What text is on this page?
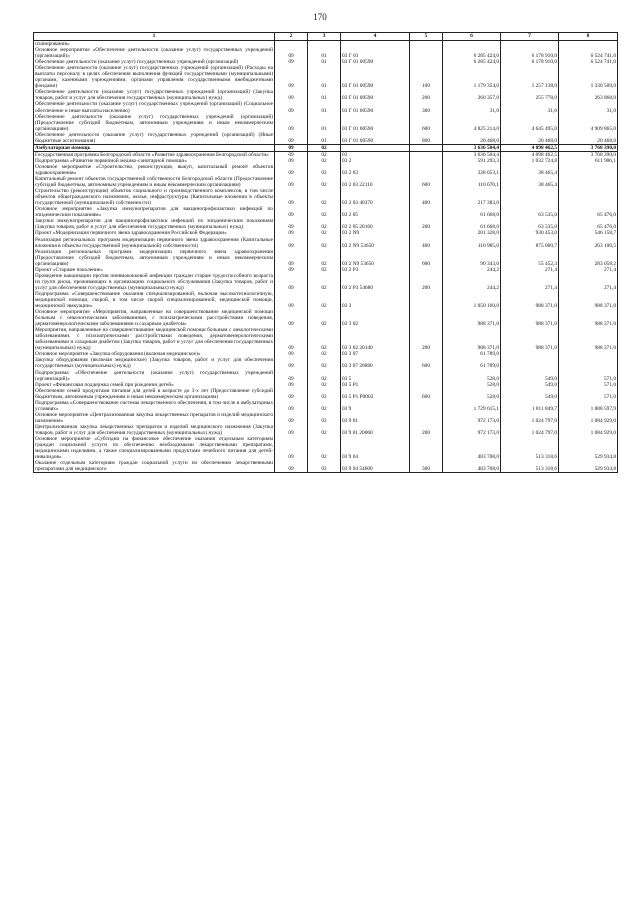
170
1	2	3	4	5	6	7	8
планирования»							
Основное мероприятие «Обеспечение деятельности (оказание услуг) государственных учреждений (организаций)»	09	01	03 Г 01		6 285 424,0	6 178 910,0	6 524 741,0
Обеспечение деятельности (оказание услуг) государственных учреждений (организаций)	09	01	03 Г 01 00590		6 285 424,0	6 178 910,0	6 524 741,0
Обеспечение деятельности (оказание услуг) государственных учреждений (организаций) (Расходы на выплаты персоналу в целях обеспечения выполнения функций государственными (муниципальными) органами, казенными учреждениями, органами управления государственными внебюджетными фондами)	09	01	03 Г 01 00590	100	1 179 354,0	1 257 138,0	1 330 509,0
Обеспечение деятельности (оказание услуг) государственных учреждений (организаций) (Закупка товаров, работ и услуг для обеспечения государственных (муниципальных) нужд)	09	01	03 Г 01 00590	200	260 357,0	255 778,0	263 868,0
Обеспечение деятельности (оказание услуг) государственных учреждений (организаций) (Социальное обеспечение и иные выплаты населению)	09	01	03 Г 01 00590	300	31,0	31,0	31,0
Обеспечение деятельности (оказание услуг) государственных учреждений (организаций) (Предоставление субсидий бюджетным, автономным учреждениям и иным некоммерческим организациям)	09	01	03 Г 01 00590	600	4 825 214,0	4 645 495,0	4 909 865,0
Обеспечение деятельности (оказание услуг) государственных учреждений (организаций) (Иные бюджетные ассигнования)	09	01	03 Г 01 00590	800	20 468,0	20 468,0	20 468,0
Амбулаторная помощь	09	02			3 636 504,4	4 098 462,5	3 768 390,0
Государственная программа Белгородской области «Развитие здравоохранения Белгородской области»	09	02	03		3 636 504,4	4 098 462,5	3 768 390,0
Подпрограмма «Развитие первичной медико-санитарной помощи»	09	02	03 2		591 293,3	1 032 724,8	611 906,1
Основное мероприятие «Строительство, реконструкция, выкуп, капитальный ремонт объектов здравоохранения»	09	02	03 2 03		328 053,1	38 465,4	
Капитальный ремонт объектов государственной собственности Белгородской области (Предоставление субсидий бюджетным, автономным учреждениям и иным некоммерческим организациям)	09	02	03 2 03 22110	600	110 670,1	38 465,4	
Строительство (реконструкция) объектов социального и производственного комплексов, в том числе объектов общегражданского назначения, жилья, инфраструктуры (Капитальные вложения в объекты государственной (муниципальной) собственности)	09	02	03 2 03 40370	400	217 383,0		
Основное мероприятие «Закупка иммунопрепаратов для вакцинопрофилактики инфекций по эпидемическим показаниям»	09	02	03 2 05		61 668,0	63 535,0	65 476,0
Закупки иммунопрепаратов для вакцинопрофилактики инфекций по эпидемическим показаниям (Закупка товаров, работ и услуг для обеспечения государственных (муниципальных) нужд)	09	02	03 2 05 20160	200	61 668,0	63 535,0	65 476,0
Проект «Модернизация первичного звена здравоохранения Российской Федерации»	09	02	03 2 N9		201 328,0	930 453,0	546 158,7
Реализация региональных программ модернизации первичного звена здравоохранения (Капитальные вложения в объекты государственной (муниципальной) собственности)	09	02	03 2 N9 53650	400	110 985,0	875 000,7	263 100,5
Реализация региональных программ модернизации первичного звена здравоохранения (Предоставление субсидий бюджетным, автономным учреждениям и иным некоммерческим организациям)	09	02	03 2 N9 53650	600	90 343,0	55 452,3	283 058,2
Проект «Старшее поколение»	09	02	03 2 P3		244,2	271,4	271,4
Проведение вакцинации против пневмококковой инфекции граждан старше трудоспособного возраста из групп риска, проживающих в организациях социального обслуживания (Закупка товаров, работ и услуг для обеспечения государственных (муниципальных) нужд)	09	02	03 2 P3 54680	200	244,2	271,4	271,4
Подпрограмма «Совершенствование оказания специализированной, включая высокотехнологичную, медицинской помощи, скорой, в том числе скорой специализированной, медицинской помощи, медицинской эвакуации»	09	02	03 3		1 050 160,0	988 371,0	988 371,0
Основное мероприятие «Мероприятия, направленные на совершенствование медицинской помощи больным с онкологическими заболеваниями, с психиатрическими расстройствами поведения, дерматовенерологическими заболеваниями и сахарным диабетом»	09	02	03 3 02		988 371,0	988 371,0	988 371,0
Мероприятия, направленные на совершенствование медицинской помощи больным с онкологическими заболеваниями, с психиатрическими расстройствами поведения, дерматовенерологическими заболеваниями и сахарным диабетом (Закупка товаров, работ и услуг для обеспечения государственных (муниципальных) нужд)	09	02	03 3 02 20140	200	988 371,0	988 371,0	988 371,0
Основное мероприятие «Закупка оборудования (включая медицинское)»	09	02	03 3 07		61 789,0		
Закупка оборудования (включая медицинское) (Закупка товаров, работ и услуг для обеспечения государственных (муниципальных) нужд)	09	02	03 3 07 20880	600	61 789,0		
Подпрограмма «Обеспечение деятельности (оказание услуг) государственных учреждений (организаций)»	09	02	03 5		528,0	549,0	571,0
Проект «Финансовая поддержка семей при рождении детей»	09	02	03 5 P1		528,0	549,0	571,0
Обеспечение семей продуктами питания для детей в возрасте до 3-х лет (Предоставление субсидий бюджетным, автономным учреждениям и иным некоммерческим организациям)	09	02	03 5 P1 P0002	600	528,0	549,0	571,0
Подпрограмма «Совершенствование системы лекарственного обеспечения, в том числе в амбулаторных условиях»	09	02	03 9		1 729 615,1	1 811 849,7	1 888 597,9
Основное мероприятие «Централизованная закупка лекарственных препаратов и изделий медицинского назначения»	09	02	03 9 01		972 173,0	1 024 797,0	1 084 929,0
Централизованная закупка лекарственных препаратов и изделий медицинского назначения (Закупка товаров, работ и услуг для обеспечения государственных (муниципальных) нужд)	09	02	03 9 01 20060	200	972 173,0	1 024 797,0	1 084 929,0
Основное мероприятие «Субсидии на финансовое обеспечение оказания отдельным категориям граждан социальной услуги по обеспечению необходимыми лекарственными препаратами, медицинскими изделиями, а также специализированными продуктами лечебного питания для детей-инвалидов»	09	02	03 9 04		483 708,0	513 318,6	529 934,8
Оказание отдельным категориям граждан социальной услуги по обеспечению лекарственными препаратами для медицинского	09	02	03 9 04 54600	300	483 708,0	513 318,6	529 934,8
